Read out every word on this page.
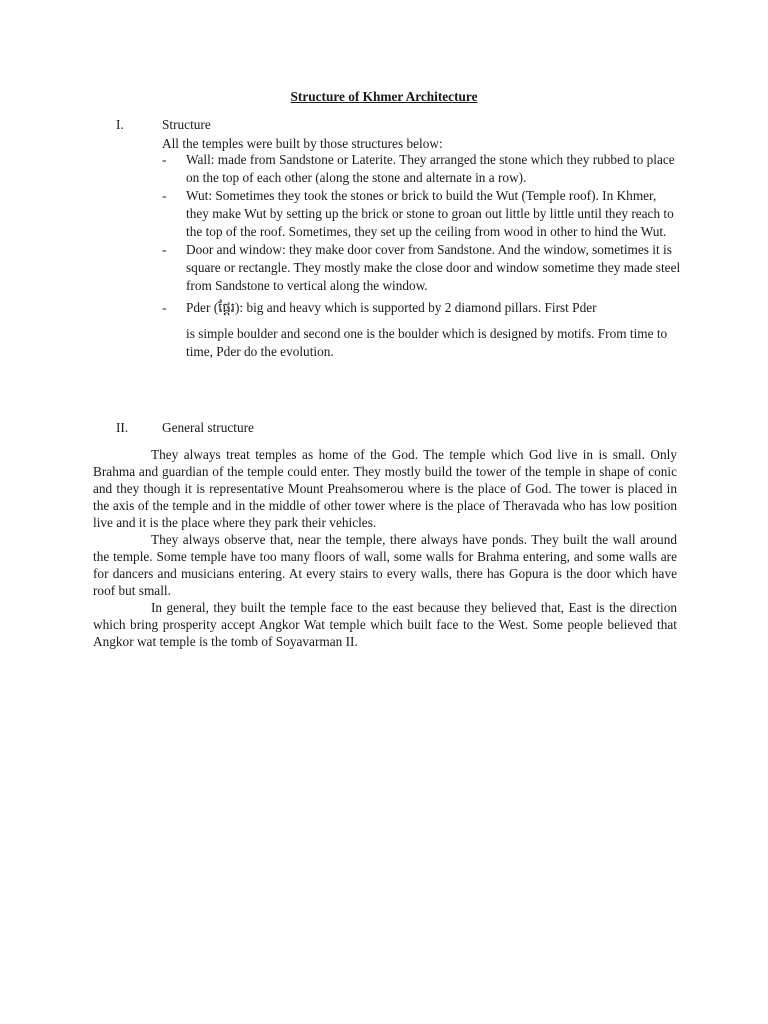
Structure of Khmer Architecture
I.	Structure
All the temples were built by those structures below:
- Wall: made from Sandstone or Laterite. They arranged the stone which they rubbed to place on the top of each other (along the stone and alternate in a row).
- Wut: Sometimes they took the stones or brick to build the Wut (Temple roof). In Khmer, they make Wut by setting up the brick or stone to groan out little by little until they reach to the top of the roof. Sometimes, they set up the ceiling from wood in other to hind the Wut.
- Door and window: they make door cover from Sandstone. And the window, sometimes it is square or rectangle. They mostly make the close door and window sometime they made steel from Sandstone to vertical along the window.
- Pder (ផ្តែរ): big and heavy which is supported by 2 diamond pillars. First Pder
is simple boulder and second one is the boulder which is designed by motifs. From time to time, Pder do the evolution.
II.	General structure

They always treat temples as home of the God. The temple which God live in is small. Only Brahma and guardian of the temple could enter. They mostly build the tower of the temple in shape of conic and they though it is representative Mount Preahsomerou where is the place of God. The tower is placed in the axis of the temple and in the middle of other tower where is the place of Theravada who has low position live and it is the place where they park their vehicles.

They always observe that, near the temple, there always have ponds. They built the wall around the temple. Some temple have too many floors of wall, some walls for Brahma entering, and some walls are for dancers and musicians entering. At every stairs to every walls, there has Gopura is the door which have roof but small.

In general, they built the temple face to the east because they believed that, East is the direction which bring prosperity accept Angkor Wat temple which built face to the West. Some people believed that Angkor wat temple is the tomb of Soyavarman II.
